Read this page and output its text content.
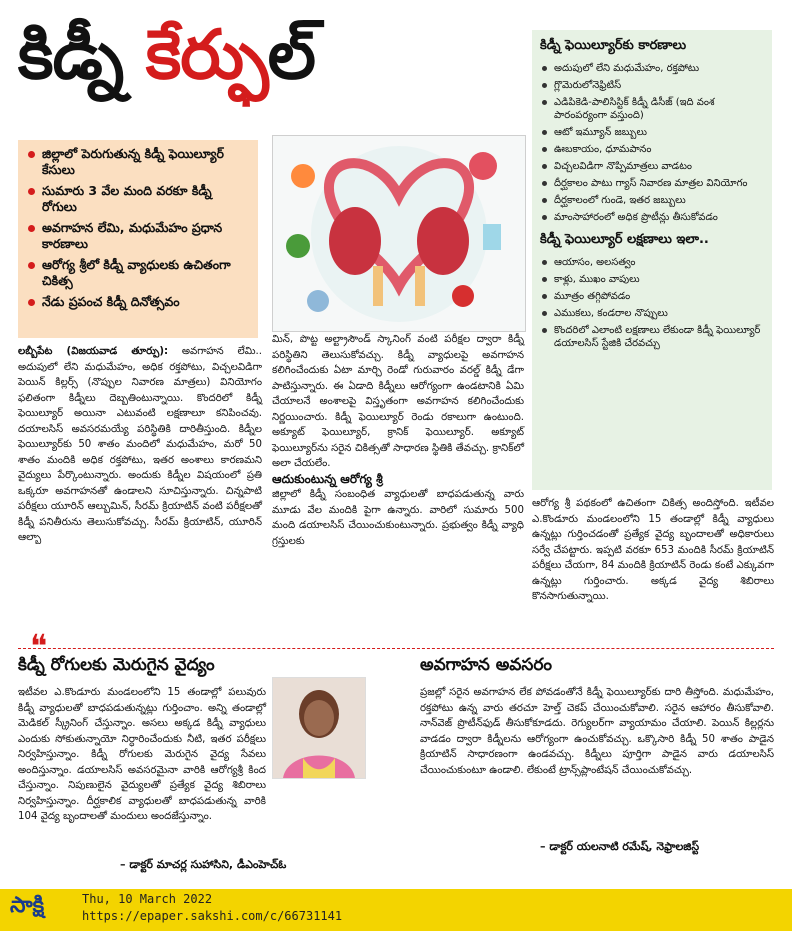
కిడ్నీ కేర్ఫుల్
జిల్లాలో పెరుగుతున్న కిడ్నీ ఫెయిల్యూర్ కేసులు
సుమారు 3 వేల మంది వరకూ కిడ్నీ రోగులు
అవగాహన లేమి, మధుమేహం ప్రధాన కారణాలు
ఆరోగ్య శ్రీలో కిడ్నీ వ్యాధులకు ఉచితంగా చికిత్స
నేడు ప్రపంచ కిడ్నీ దినోత్సవం
కిడ్నీ ఫెయిల్యూర్‌కు కారణాలు
అదుపులో లేని మధుమేహం, రక్తపోటు
గ్లొమెరులోనెఫ్రిటిస్
ఎడిపికెడి-పాలిసిస్టిక్ కిడ్నీ డిసీజ్ (ఇది వంశ పారంపర్యంగా వస్తుంది)
ఆటో ఇమ్యూన్ జబ్బులు
ఊబకాయం, ధూమపానం
విచ్చలవిడిగా నొప్పిమాత్రలు వాడటం
దీర్ఘకాలం పాటు గ్యాస్ నివారణ మాత్రల వినియోగం
దీర్ఘకాలంలో గుండె, ఇతర జబ్బులు
మాంసాహారంలో అధిక ప్రొటీన్లు తీసుకోవడం
కిడ్నీ ఫెయిల్యూర్ లక్షణాలు ఇలా..
ఆయాసం, అలసత్వం
కాళ్లు, ముఖం వాపులు
మూత్రం తగ్గిపోవడం
ఎముకలు, కండరాల నొప్పులు
కొందరిలో ఎలాంటి లక్షణాలు లేకుండా కిడ్నీ ఫెయిల్యూర్ డయాలసిస్ స్టేజికి చేరవచ్చు
లబ్బీపేట (విజయవాడ తూర్పు): అవగాహన లేమి.. అదుపులో లేని మధుమేహం, అధిక రక్తపోటు, విచ్చలవిడిగా పెయిన్ కిల్లర్స్ (నొప్పుల నివారణ మాత్రలు) వినియోగం ఫలితంగా కిడ్నీలు దెబ్బతింటున్నాయి. కొందరిలో కిడ్నీ ఫెయిల్యూర్ అయినా ఎటువంటి లక్షణాలూ కనిపించవు. దయాలసిస్ అవసరమయ్యే పరిస్థితికి దారితీస్తుంది. కిడ్నీల ఫెయిల్యూర్‌కు 50 శాతం మందిలో మధుమేహం, మరో 50 శాతం మందికి అధిక రక్తపోటు, ఇతర అంశాలు కారణమని వైద్యులు పేర్కొంటున్నారు. అందుకు కిడ్నీల విషయంలో ప్రతి ఒక్కరూ అవగాహనతో ఉండాలని సూచిస్తున్నారు. చిన్నపాటి పరీక్షలు యూరిన్ ఆల్బుమిన్, సీరమ్ క్రియాటిన్ వంటి పరీక్షలతో కిడ్నీ పనితీరును తెలుసుకోవచ్చు. సీరమ్ క్రియాటిన్, యూరిన్ ఆల్బా
మిన్, పొట్ట అల్ట్రాసౌండ్ స్కానింగ్ వంటి పరీక్షల ద్వారా కిడ్నీ పరిస్థితిని తెలుసుకోవచ్చు. కిడ్నీ వ్యాధులపై అవగాహన కలిగించేందుకు ఏటా మార్చి రెండో గురువారం వరల్డ్ కిడ్నీ డేగా పాటిస్తున్నారు. ఈ ఏడాది కిడ్నీలు ఆరోగ్యంగా ఉండటానికి ఏమి చేయాలనే అంశాలపై విస్తృతంగా అవగాహన కలిగించేందుకు నిర్ణయించారు. కిడ్నీ ఫెయిల్యూర్ రెండు రకాలుగా ఉంటుంది. అక్యూట్ ఫెయిల్యూర్, క్రానిక్ ఫెయిల్యూర్. అక్యూట్ ఫెయిల్యూర్‌ను సరైన చికిత్సతో సాధారణ స్థితికి తేవచ్చు. క్రానిక్‌లో అలా చేయలేం.
ఆదుకుంటున్న ఆరోగ్య శ్రీ
జిల్లాలో కిడ్నీ సంబంధిత వ్యాధులతో బాధపడుతున్న వారు మూడు వేల మందికి పైగా ఉన్నారు. వారిలో సుమారు 500 మంది డయాలసిస్ చేయించుకుంటున్నారు. ప్రభుత్వం కిడ్నీ వ్యాధి గ్రస్తులకు
ఆరోగ్య శ్రీ పథకంలో ఉచితంగా చికిత్స అందిస్తోంది. ఇటీవల ఎ.కొండూరు మండలంలోని 15 తండాల్లో కిడ్నీ వ్యాధులు ఉన్నట్లు గుర్తించడంతో ప్రత్యేక వైద్య బృందాలతో అధికారులు సర్వే చేపట్టారు. ఇప్పటి వరకూ 653 మందికి సీరమ్ క్రియాటిన్ పరీక్షలు చేయగా, 84 మందికి క్రియాటిన్ రెండు కంటే ఎక్కువగా ఉన్నట్లు గుర్తించారు. అక్కడ వైద్య శిబిరాలు కొనసాగుతున్నాయి.
❝
కిడ్నీ రోగులకు మెరుగైన వైద్యం
ఇటీవల ఎ.కొండూరు మండలంలోని 15 తండాల్లో పలువురు కిడ్నీ వ్యాధులతో బాధపడుతున్నట్లు గుర్తించాం. అన్ని తండాల్లో మెడికల్ స్క్రీనింగ్ చేస్తున్నాం. అసలు అక్కడ కిడ్నీ వ్యాధులు ఎందుకు సోకుతున్నాయో నిర్ధారించేందుకు నీటి, ఇతర పరీక్షలు నిర్వహిస్తున్నాం. కిడ్నీ రోగులకు మెరుగైన వైద్య సేవలు అందిస్తున్నాం. డయాలసిస్ అవసరమైనా వారికి ఆరోగ్యశ్రీ కింద చేస్తున్నాం. నిపుణులైన వైద్యులతో ప్రత్యేక వైద్య శిబిరాలు నిర్వహిస్తున్నాం. దీర్ఘకాలిక వ్యాధులతో బాధపడుతున్న వారికి 104 వైద్య బృందాలతో మందులు అందజేస్తున్నాం.
– డాక్టర్ మాచర్ల సుహాసిని, డీఎంహెచ్ఓ
అవగాహన అవసరం
ప్రజల్లో సరైన అవగాహన లేక పోవడంతోనే కిడ్నీ ఫెయిల్యూర్‌కు దారి తీస్తోంది. మధుమేహం, రక్తపోటు ఉన్న వారు తరచూ హెల్త్ చెకప్ చేయించుకోవాలి. సరైన ఆహారం తీసుకోవాలి. నాన్‌వెజ్ ప్రొటీన్‌ఫుడ్ తీసుకోకూడదు. రెగ్యులర్‌గా వ్యాయామం చేయాలి. పెయిన్ కిల్లర్లను వాడడం ద్వారా కిడ్నీలను ఆరోగ్యంగా ఉంచుకోవచ్చు. ఒక్కొసారి కిడ్నీ 50 శాతం పాడైన క్రియాటిన్ సాధారణంగా ఉండవచ్చు. కిడ్నీలు పూర్తిగా పాడైన వారు డయాలసిస్ చేయించుకుంటూ ఉండాలి. లేకుంటే ట్రాన్స్‌ప్లాంటేషన్ చేయించుకోవచ్చు.
– డాక్టర్ యలనాటి రమేష్, నెఫ్రాలజిస్ట్
సాక్షి	Thu, 10 March 2022
https://epaper.sakshi.com/c/66731141
